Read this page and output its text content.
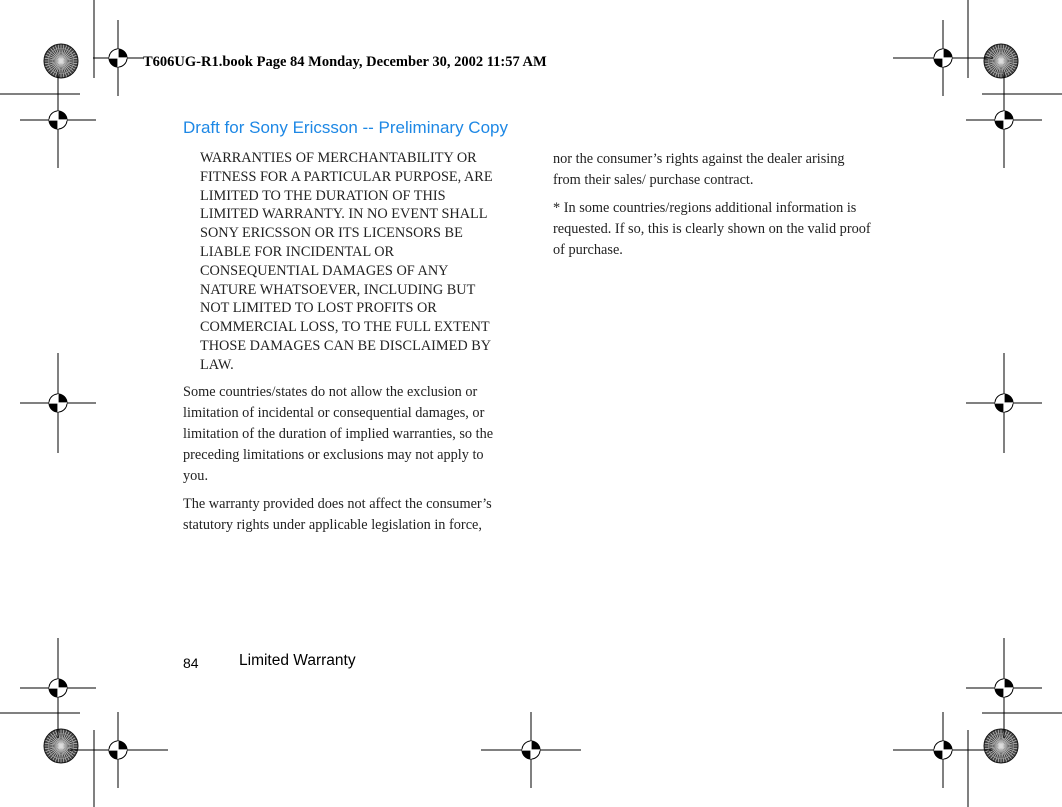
T606UG-R1.book Page 84 Monday, December 30, 2002 11:57 AM
Draft for Sony Ericsson -- Preliminary Copy

WARRANTIES OF MERCHANTABILITY OR

FITNESS FOR A PARTICULAR PURPOSE, ARE

LIMITED TO THE DURATION OF THIS

LIMITED WARRANTY. IN NO EVENT SHALL

SONY ERICSSON OR ITS LICENSORS BE

LIABLE FOR INCIDENTAL OR

CONSEQUENTIAL DAMAGES OF ANY

NATURE WHATSOEVER, INCLUDING BUT

NOT LIMITED TO LOST PROFITS OR

COMMERCIAL LOSS, TO THE FULL EXTENT

THOSE DAMAGES CAN BE DISCLAIMED BY

LAW.

Some countries/states do not allow the exclusion or

limitation of incidental or consequential damages, or

limitation of the duration of implied warranties, so the

preceding limitations or exclusions may not apply to

you.

The warranty provided does not affect the consumer’s

statutory rights under applicable legislation in force,

nor the consumer’s rights against the dealer arising

from their sales/ purchase contract.

* In some countries/regions additional information is

requested. If so, this is clearly shown on the valid proof

of purchase.

84	Limited Warranty
